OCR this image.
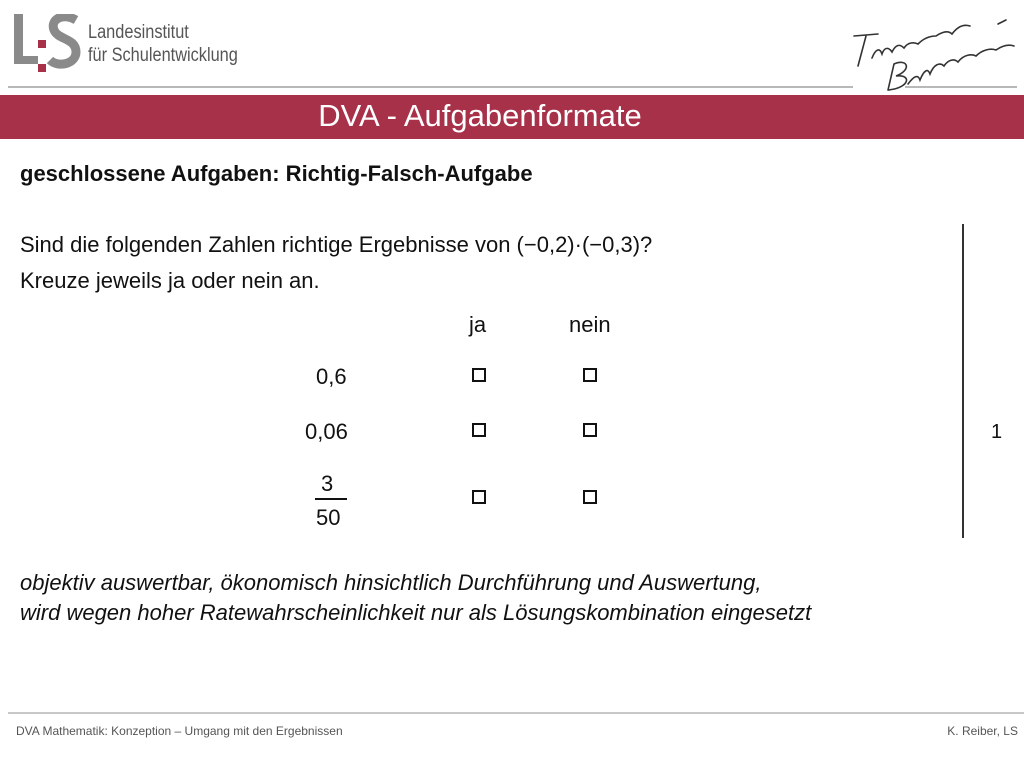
Landesinstitut
für Schulentwicklung
DVA - Aufgabenformate
geschlossene Aufgaben: Richtig-Falsch-Aufgabe
Sind die folgenden Zahlen richtige Ergebnisse von (−0,2)·(−0,3)?
Kreuze jeweils ja oder nein an.
ja	nein
0,6
0,06
3
50
1
objektiv auswertbar, ökonomisch hinsichtlich Durchführung und Auswertung,
wird wegen hoher Ratewahrscheinlichkeit nur als Lösungskombination eingesetzt
DVA Mathematik: Konzeption – Umgang mit den Ergebnissen	K. Reiber, LS
